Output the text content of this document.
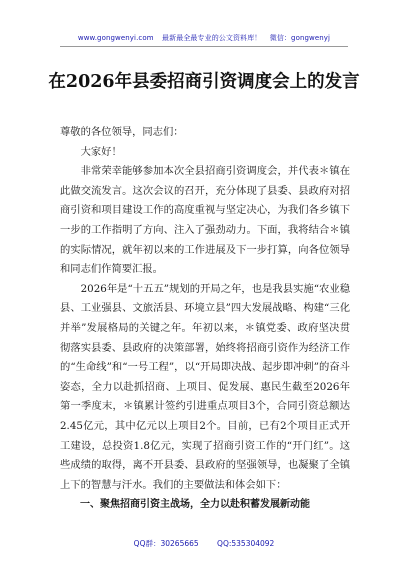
www.gongwenyi.com 最新最全最专业的公文资料库！ 微信：gongwenyj
在2026年县委招商引资调度会上的发言

尊敬的各位领导，同志们：

大家好！

非常荣幸能够参加本次全县招商引资调度会，并代表＊镇在此做交流发言。这次会议的召开，充分体现了县委、县政府对招商引资和项目建设工作的高度重视与坚定决心，为我们各乡镇下一步的工作指明了方向、注入了强劲动力。下面，我将结合＊镇的实际情况，就年初以来的工作进展及下一步打算，向各位领导和同志们作简要汇报。

2026年是“十五五”规划的开局之年，也是我县实施“农业稳县、工业强县、文旅活县、环境立县”四大发展战略、构建“三化并举”发展格局的关键之年。年初以来，＊镇党委、政府坚决贯彻落实县委、县政府的决策部署，始终将招商引资作为经济工作的“生命线”和“一号工程”，以“开局即决战、起步即冲刺”的奋斗姿态，全力以赴抓招商、上项目、促发展、惠民生截至2026年第一季度末，＊镇累计签约引进重点项目3个，合同引资总额达2.45亿元，其中亿元以上项目2个。目前，已有2个项目正式开工建设，总投资1.8亿元，实现了招商引资工作的“开门红”。这些成绩的取得，离不开县委、县政府的坚强领导，也凝聚了全镇上下的智慧与汗水。我们的主要做法和体会如下：

一、聚焦招商引资主战场，全力以赴积蓄发展新动能

QQ群：30265665 QQ:535304092
